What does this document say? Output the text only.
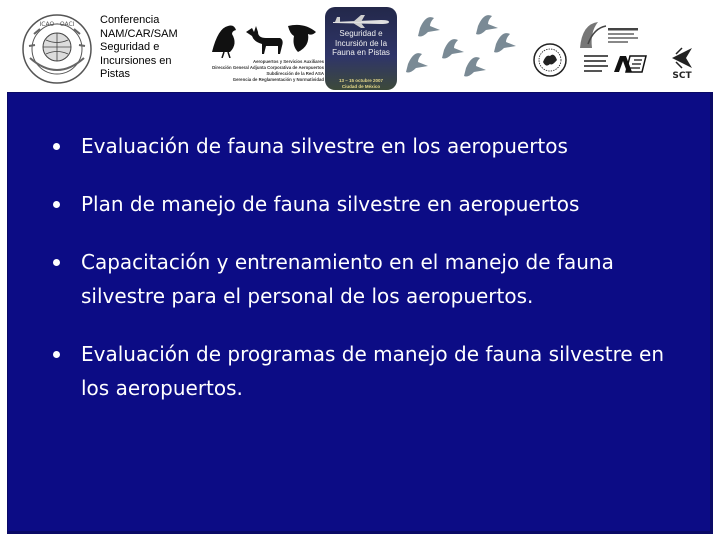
ICAO · OACI Conferencia NAM/CAR/SAM Seguridad e Incursiones en Pistas
Aeropuertos y Servicios Auxiliares
Dirección General Adjunta Corporativa de Aeropuertos
Subdirección de la Red ASA
Gerencia de Reglamentación y Normatividad
Seguridad e Incursión de la Fauna en Pistas
13 – 15 octubre 2007
Ciudad de México
SCT
Evaluación de fauna silvestre en los aeropuertos
Plan de manejo de fauna silvestre en aeropuertos
Capacitación y entrenamiento en el manejo de fauna silvestre para el personal de los aeropuertos.
Evaluación de programas de manejo de fauna silvestre en los aeropuertos.
